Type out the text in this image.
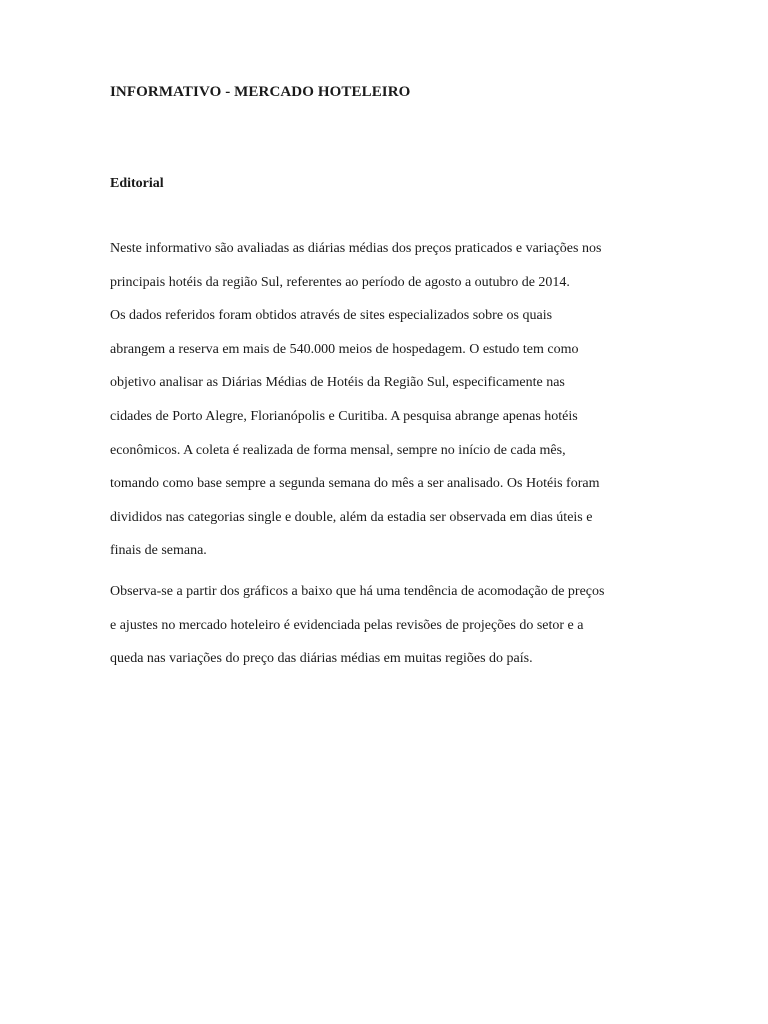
INFORMATIVO - MERCADO HOTELEIRO
Editorial

Neste informativo são avaliadas as diárias médias dos preços praticados e variações nos
principais hotéis da região Sul, referentes ao período de agosto a outubro de 2014.
Os dados referidos foram obtidos através de sites especializados sobre os quais
abrangem a reserva em mais de 540.000 meios de hospedagem. O estudo tem como
objetivo analisar as Diárias Médias de Hotéis da Região Sul, especificamente nas
cidades de Porto Alegre, Florianópolis e Curitiba. A pesquisa abrange apenas hotéis
econômicos. A coleta é realizada de forma mensal, sempre no início de cada mês,
tomando como base sempre a segunda semana do mês a ser analisado. Os Hotéis foram
divididos nas categorias single e double, além da estadia ser observada em dias úteis e
finais de semana.

Observa-se a partir dos gráficos a baixo que há uma tendência de acomodação de preços
e ajustes no mercado hoteleiro é evidenciada pelas revisões de projeções do setor e a
queda nas variações do preço das diárias médias em muitas regiões do país.
